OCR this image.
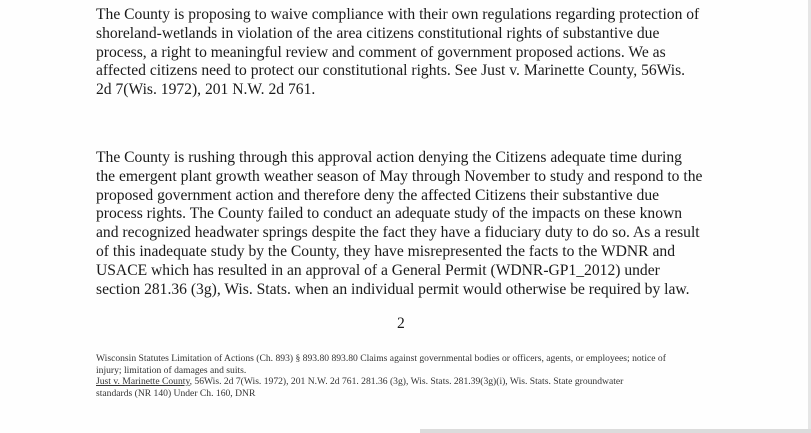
The County is proposing to waive compliance with their own regulations regarding protection of
shoreland-wetlands in violation of the area citizens constitutional rights of substantive due
process, a right to meaningful review and comment of government proposed actions. We as
affected citizens need to protect our constitutional rights. See Just v. Marinette County, 56Wis.
2d 7(Wis. 1972), 201 N.W. 2d 761.
The County is rushing through this approval action denying the Citizens adequate time during
the emergent plant growth weather season of May through November to study and respond to the
proposed government action and therefore deny the affected Citizens their substantive due
process rights. The County failed to conduct an adequate study of the impacts on these known
and recognized headwater springs despite the fact they have a fiduciary duty to do so. As a result
of this inadequate study by the County, they have misrepresented the facts to the WDNR and
USACE which has resulted in an approval of a General Permit (WDNR-GP1_2012) under
section 281.36 (3g), Wis. Stats. when an individual permit would otherwise be required by law.
2
Wisconsin Statutes Limitation of Actions (Ch. 893) § 893.80 893.80 Claims against governmental bodies or officers, agents, or employees; notice of
injury; limitation of damages and suits.
Just v. Marinette County, 56Wis. 2d 7(Wis. 1972), 201 N.W. 2d 761. 281.36 (3g), Wis. Stats. 281.39(3g)(i), Wis. Stats. State groundwater
standards (NR 140) Under Ch. 160, DNR
